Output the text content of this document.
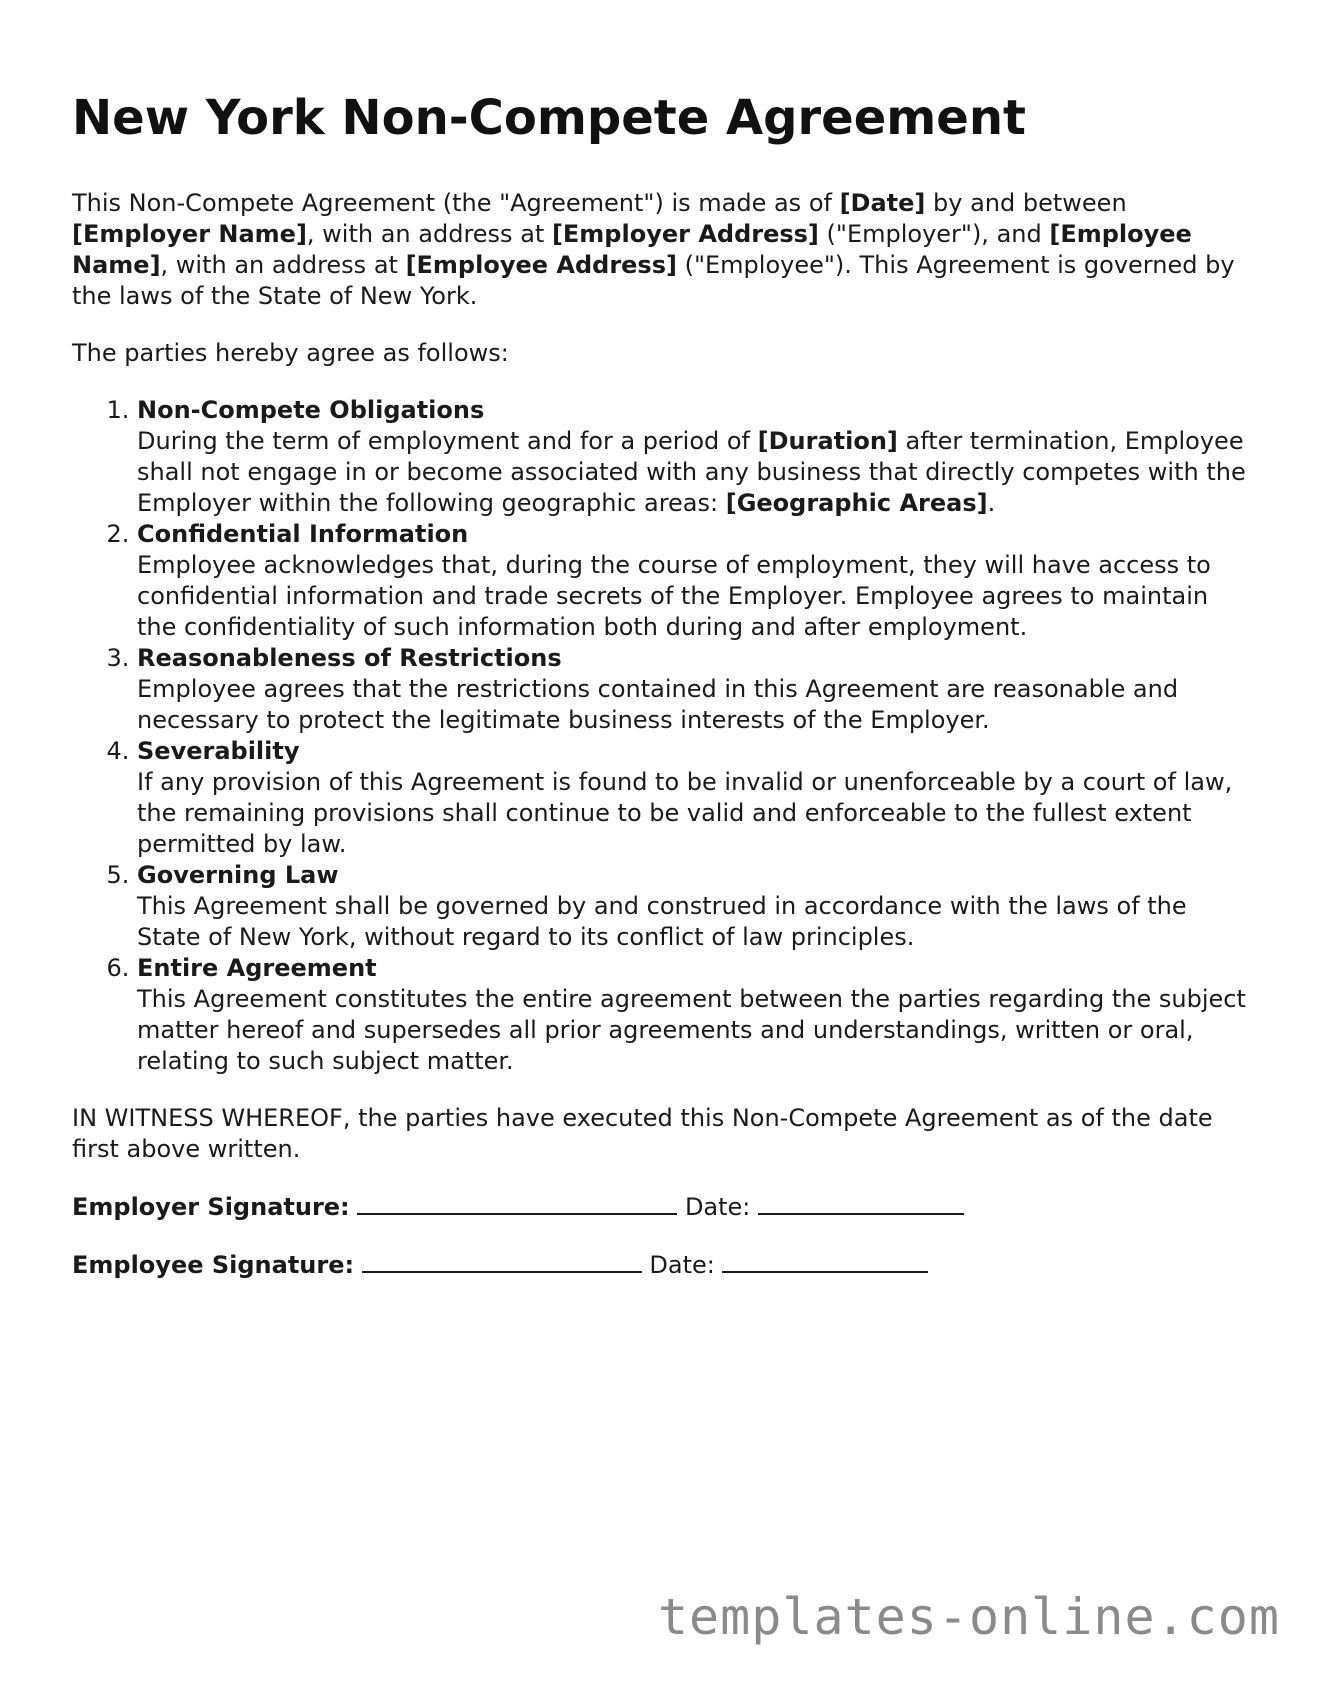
New York Non-Compete Agreement

This Non-Compete Agreement (the "Agreement") is made as of [Date] by and between [Employer Name], with an address at [Employer Address] ("Employer"), and [Employee Name], with an address at [Employee Address] ("Employee"). This Agreement is governed by the laws of the State of New York.

The parties hereby agree as follows:

1. Non-Compete Obligations
During the term of employment and for a period of [Duration] after termination, Employee shall not engage in or become associated with any business that directly competes with the Employer within the following geographic areas: [Geographic Areas].
2. Confidential Information
Employee acknowledges that, during the course of employment, they will have access to confidential information and trade secrets of the Employer. Employee agrees to maintain the confidentiality of such information both during and after employment.
3. Reasonableness of Restrictions
Employee agrees that the restrictions contained in this Agreement are reasonable and necessary to protect the legitimate business interests of the Employer.
4. Severability
If any provision of this Agreement is found to be invalid or unenforceable by a court of law, the remaining provisions shall continue to be valid and enforceable to the fullest extent permitted by law.
5. Governing Law
This Agreement shall be governed by and construed in accordance with the laws of the State of New York, without regard to its conflict of law principles.
6. Entire Agreement
This Agreement constitutes the entire agreement between the parties regarding the subject matter hereof and supersedes all prior agreements and understandings, written or oral, relating to such subject matter.

IN WITNESS WHEREOF, the parties have executed this Non-Compete Agreement as of the date first above written.

Employer Signature:	Date:
Employee Signature:	Date:
templates-online.com
